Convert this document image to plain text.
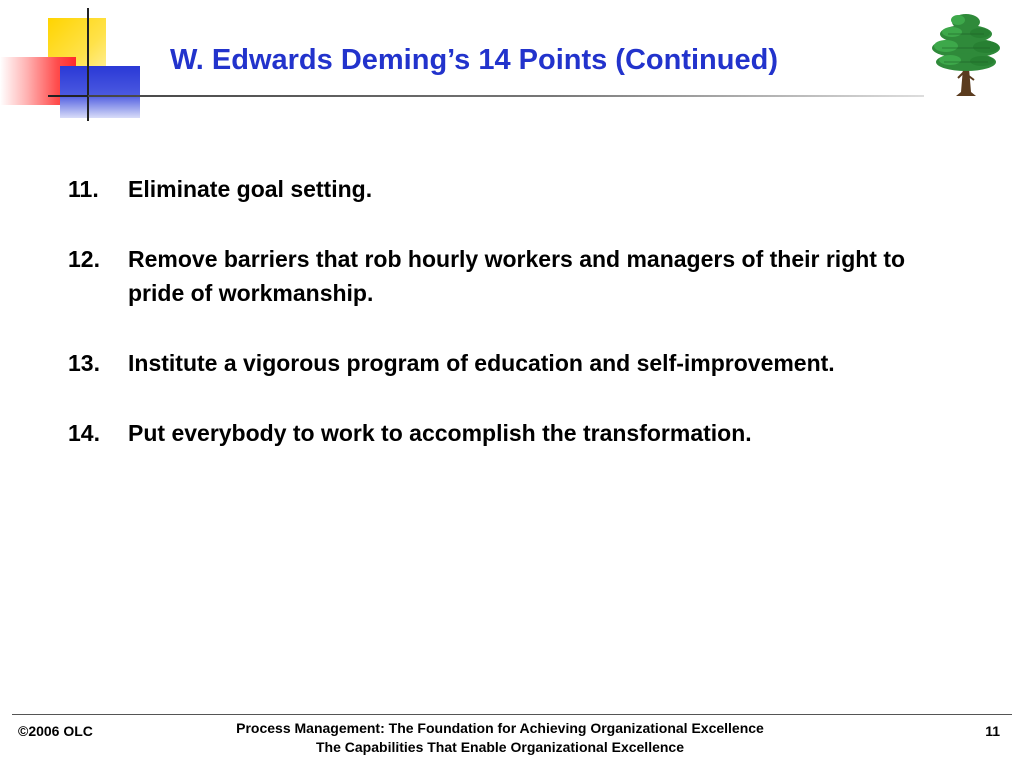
W. Edwards Deming’s 14 Points (Continued)
11.	Eliminate goal setting.
12.	Remove barriers that rob hourly workers and managers of their right to pride of workmanship.
13.	Institute a vigorous program of education and self-improvement.
14.	Put everybody to work to accomplish the transformation.
©2006 OLC	Process Management: The Foundation for Achieving Organizational Excellence
The Capabilities That Enable Organizational Excellence
11
